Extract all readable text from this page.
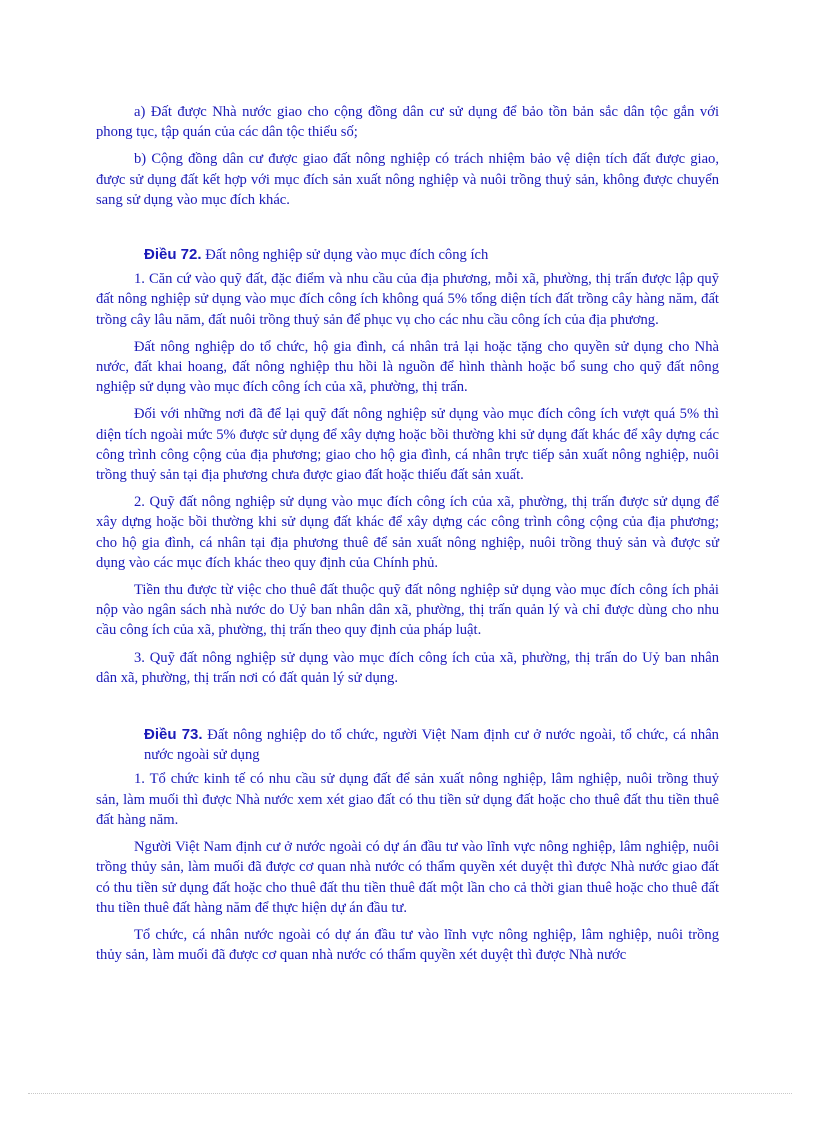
a) Đất được Nhà nước giao cho cộng đồng dân cư sử dụng để bảo tồn bản sắc dân tộc gắn với phong tục, tập quán của các dân tộc thiểu số;

b) Cộng đồng dân cư được giao đất nông nghiệp có trách nhiệm bảo vệ diện tích đất được giao, được sử dụng đất kết hợp với mục đích sản xuất nông nghiệp và nuôi trồng thuỷ sản, không được chuyển sang sử dụng vào mục đích khác.

Điều 72. Đất nông nghiệp sử dụng vào mục đích công ích

1. Căn cứ vào quỹ đất, đặc điểm và nhu cầu của địa phương, mỗi xã, phường, thị trấn được lập quỹ đất nông nghiệp sử dụng vào mục đích công ích không quá 5% tổng diện tích đất trồng cây hàng năm, đất trồng cây lâu năm, đất nuôi trồng thuỷ sản để phục vụ cho các nhu cầu công ích của địa phương.

Đất nông nghiệp do tổ chức, hộ gia đình, cá nhân trả lại hoặc tặng cho quyền sử dụng cho Nhà nước, đất khai hoang, đất nông nghiệp thu hồi là nguồn để hình thành hoặc bổ sung cho quỹ đất nông nghiệp sử dụng vào mục đích công ích của xã, phường, thị trấn.

Đối với những nơi đã để lại quỹ đất nông nghiệp sử dụng vào mục đích công ích vượt quá 5% thì diện tích ngoài mức 5% được sử dụng để xây dựng hoặc bồi thường khi sử dụng đất khác để xây dựng các công trình công cộng của địa phương; giao cho hộ gia đình, cá nhân trực tiếp sản xuất nông nghiệp, nuôi trồng thuỷ sản tại địa phương chưa được giao đất hoặc thiếu đất sản xuất.

2. Quỹ đất nông nghiệp sử dụng vào mục đích công ích của xã, phường, thị trấn được sử dụng để xây dựng hoặc bồi thường khi sử dụng đất khác để xây dựng các công trình công cộng của địa phương; cho hộ gia đình, cá nhân tại địa phương thuê để sản xuất nông nghiệp, nuôi trồng thuỷ sản và được sử dụng vào các mục đích khác theo quy định của Chính phủ.

Tiền thu được từ việc cho thuê đất thuộc quỹ đất nông nghiệp sử dụng vào mục đích công ích phải nộp vào ngân sách nhà nước do Uỷ ban nhân dân xã, phường, thị trấn quản lý và chỉ được dùng cho nhu cầu công ích của xã, phường, thị trấn theo quy định của pháp luật.

3. Quỹ đất nông nghiệp sử dụng vào mục đích công ích của xã, phường, thị trấn do Uỷ ban nhân dân xã, phường, thị trấn nơi có đất quản lý sử dụng.

Điều 73. Đất nông nghiệp do tổ chức, người Việt Nam định cư ở nước ngoài, tổ chức, cá nhân nước ngoài sử dụng

1. Tổ chức kinh tế có nhu cầu sử dụng đất để sản xuất nông nghiệp, lâm nghiệp, nuôi trồng thuỷ sản, làm muối thì được Nhà nước xem xét giao đất có thu tiền sử dụng đất hoặc cho thuê đất thu tiền thuê đất hàng năm.

Người Việt Nam định cư ở nước ngoài có dự án đầu tư vào lĩnh vực nông nghiệp, lâm nghiệp, nuôi trồng thủy sản, làm muối đã được cơ quan nhà nước có thẩm quyền xét duyệt thì được Nhà nước giao đất có thu tiền sử dụng đất hoặc cho thuê đất thu tiền thuê đất một lần cho cả thời gian thuê hoặc cho thuê đất thu tiền thuê đất hàng năm để thực hiện dự án đầu tư.

Tổ chức, cá nhân nước ngoài có dự án đầu tư vào lĩnh vực nông nghiệp, lâm nghiệp, nuôi trồng thủy sản, làm muối đã được cơ quan nhà nước có thẩm quyền xét duyệt thì được Nhà nước
